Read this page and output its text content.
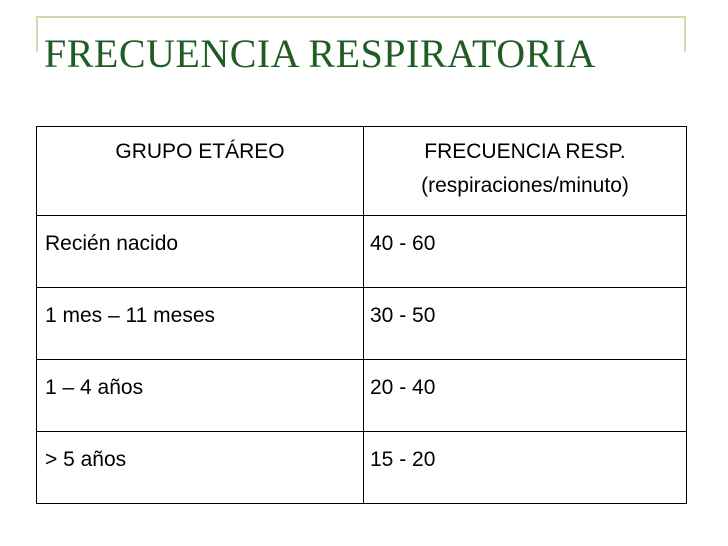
FRECUENCIA RESPIRATORIA
GRUPO ETÁREO	FRECUENCIA RESP.
(respiraciones/minuto)

Recién nacido	40 - 60
1 mes – 11 meses	30 - 50
1 – 4 años	20 - 40
> 5 años	15 - 20
